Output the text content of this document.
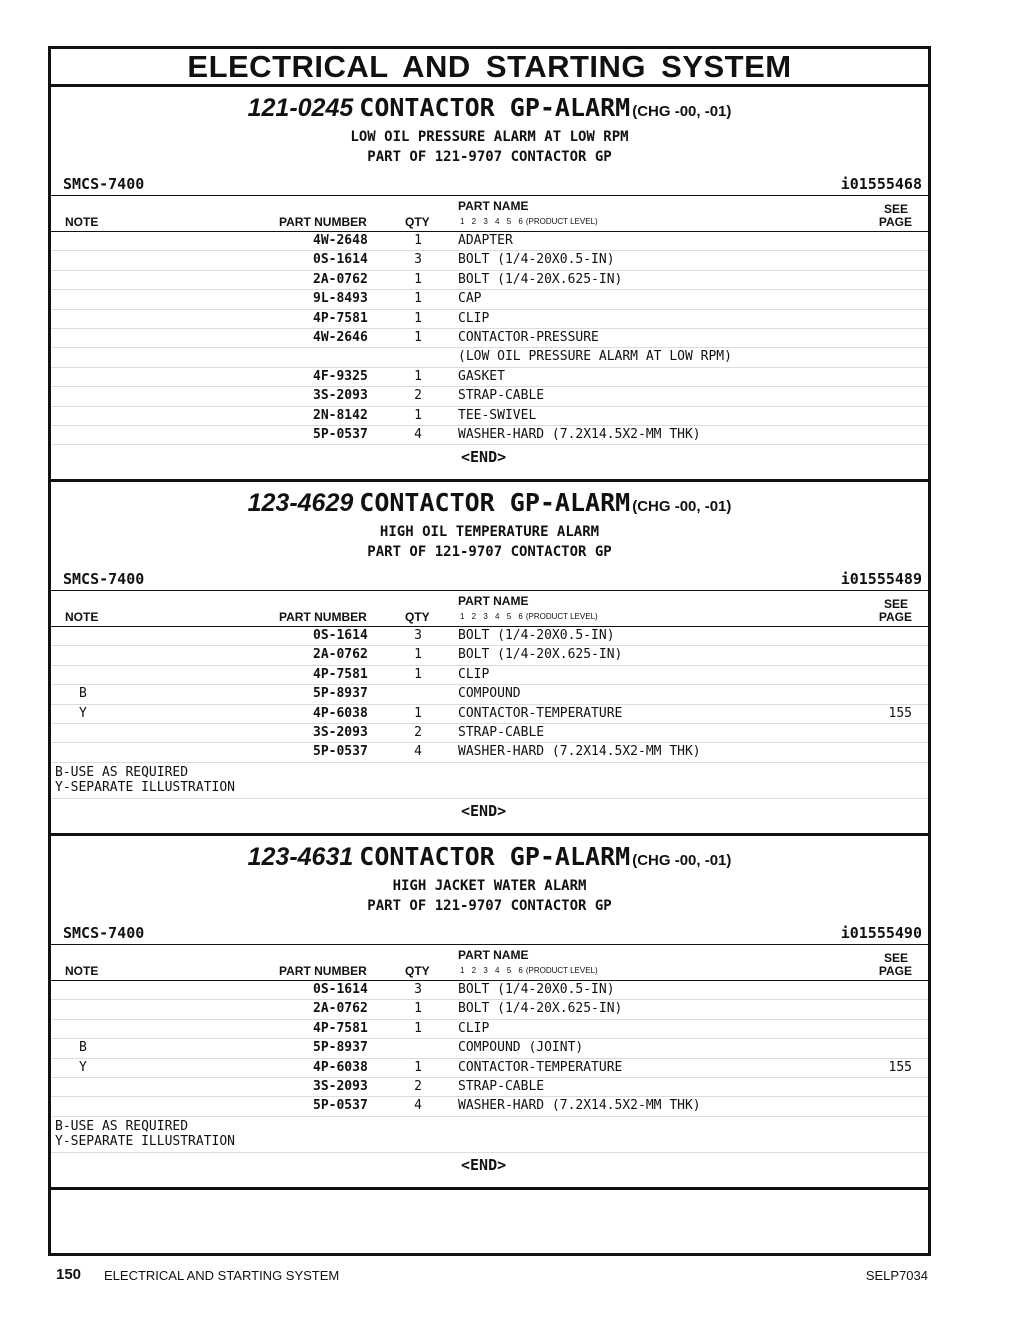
ELECTRICAL AND STARTING SYSTEM
121-0245 CONTACTOR GP-ALARM (CHG -00, -01)
LOW OIL PRESSURE ALARM AT LOW RPM
PART OF 121-9707 CONTACTOR GP
SMCS-7400	i01555468
NOTE	PART NUMBER	QTY
PART NAME
1 2 3 4 5 6 (PRODUCT LEVEL)
SEE
PAGE
4W-2648	1	ADAPTER
0S-1614	3	BOLT (1/4-20X0.5-IN)
2A-0762	1	BOLT (1/4-20X.625-IN)
9L-8493	1	CAP
4P-7581	1	CLIP
4W-2646	1	CONTACTOR-PRESSURE
(LOW OIL PRESSURE ALARM AT LOW RPM)
4F-9325	1	GASKET
3S-2093	2	STRAP-CABLE
2N-8142	1	TEE-SWIVEL
5P-0537	4	WASHER-HARD (7.2X14.5X2-MM THK)
<END>
123-4629 CONTACTOR GP-ALARM (CHG -00, -01)
HIGH OIL TEMPERATURE ALARM
PART OF 121-9707 CONTACTOR GP
SMCS-7400	i01555489
NOTE	PART NUMBER	QTY
PART NAME
1 2 3 4 5 6 (PRODUCT LEVEL)
SEE
PAGE
0S-1614	3	BOLT (1/4-20X0.5-IN)
2A-0762	1	BOLT (1/4-20X.625-IN)
4P-7581	1	CLIP
B	5P-8937	COMPOUND
Y	4P-6038	1	CONTACTOR-TEMPERATURE	155
3S-2093	2	STRAP-CABLE
5P-0537	4	WASHER-HARD (7.2X14.5X2-MM THK)
B-USE AS REQUIRED
Y-SEPARATE ILLUSTRATION
<END>
123-4631 CONTACTOR GP-ALARM (CHG -00, -01)
HIGH JACKET WATER ALARM
PART OF 121-9707 CONTACTOR GP
SMCS-7400	i01555490
NOTE	PART NUMBER	QTY
PART NAME
1 2 3 4 5 6 (PRODUCT LEVEL)
SEE
PAGE
0S-1614	3	BOLT (1/4-20X0.5-IN)
2A-0762	1	BOLT (1/4-20X.625-IN)
4P-7581	1	CLIP
B	5P-8937	COMPOUND (JOINT)
Y	4P-6038	1	CONTACTOR-TEMPERATURE	155
3S-2093	2	STRAP-CABLE
5P-0537	4	WASHER-HARD (7.2X14.5X2-MM THK)
B-USE AS REQUIRED
Y-SEPARATE ILLUSTRATION
<END>
150 ELECTRICAL AND STARTING SYSTEM	SELP7034
